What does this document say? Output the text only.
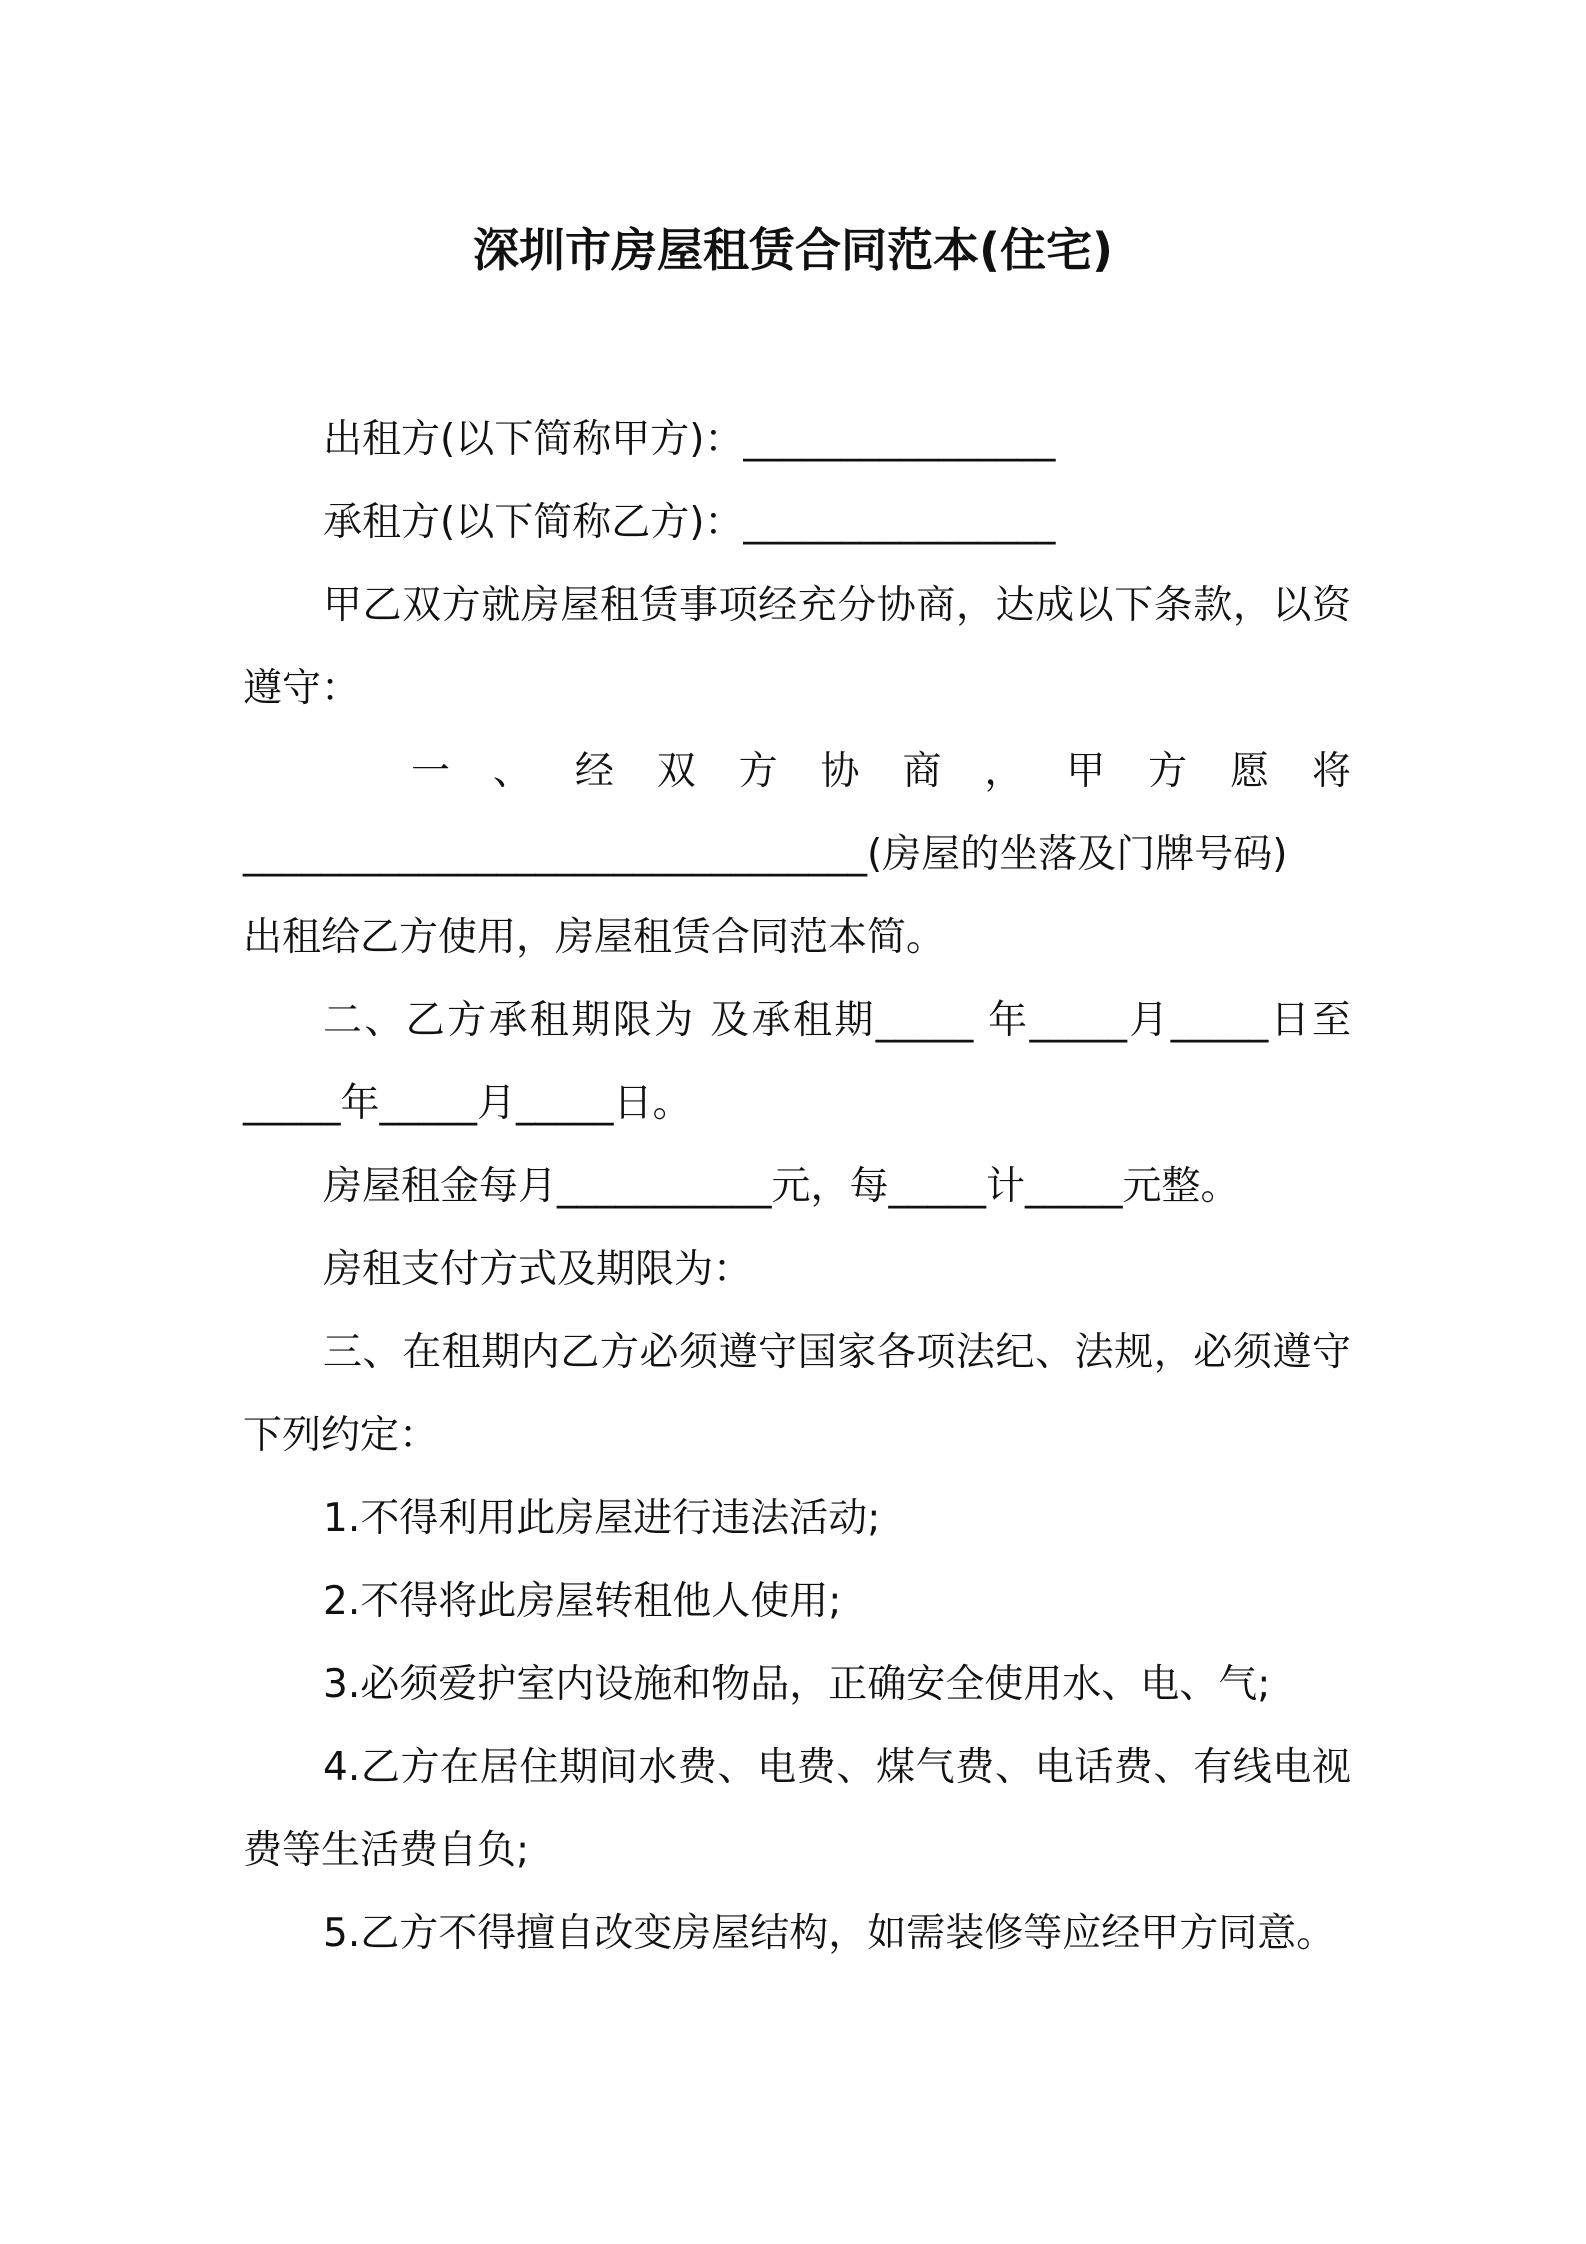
深圳市房屋租赁合同范本(住宅)

出租方(以下简称甲方)：________________

承租方(以下简称乙方)：________________

甲乙双方就房屋租赁事项经充分协商，达成以下条款，以资遵守：

一 、 经 双 方 协 商 ， 甲 方 愿 将

________________________________(房屋的坐落及门牌号码)

出租给乙方使用，房屋租赁合同范本简。

二、乙方承租期限为 及承租期_____ 年_____月_____日至_____年_____月_____日。

房屋租金每月___________元，每_____计_____元整。

房租支付方式及期限为：

三、在租期内乙方必须遵守国家各项法纪、法规，必须遵守下列约定：

1.不得利用此房屋进行违法活动;

2.不得将此房屋转租他人使用;

3.必须爱护室内设施和物品，正确安全使用水、电、气;

4.乙方在居住期间水费、电费、煤气费、电话费、有线电视费等生活费自负;

5.乙方不得擅自改变房屋结构，如需装修等应经甲方同意。
